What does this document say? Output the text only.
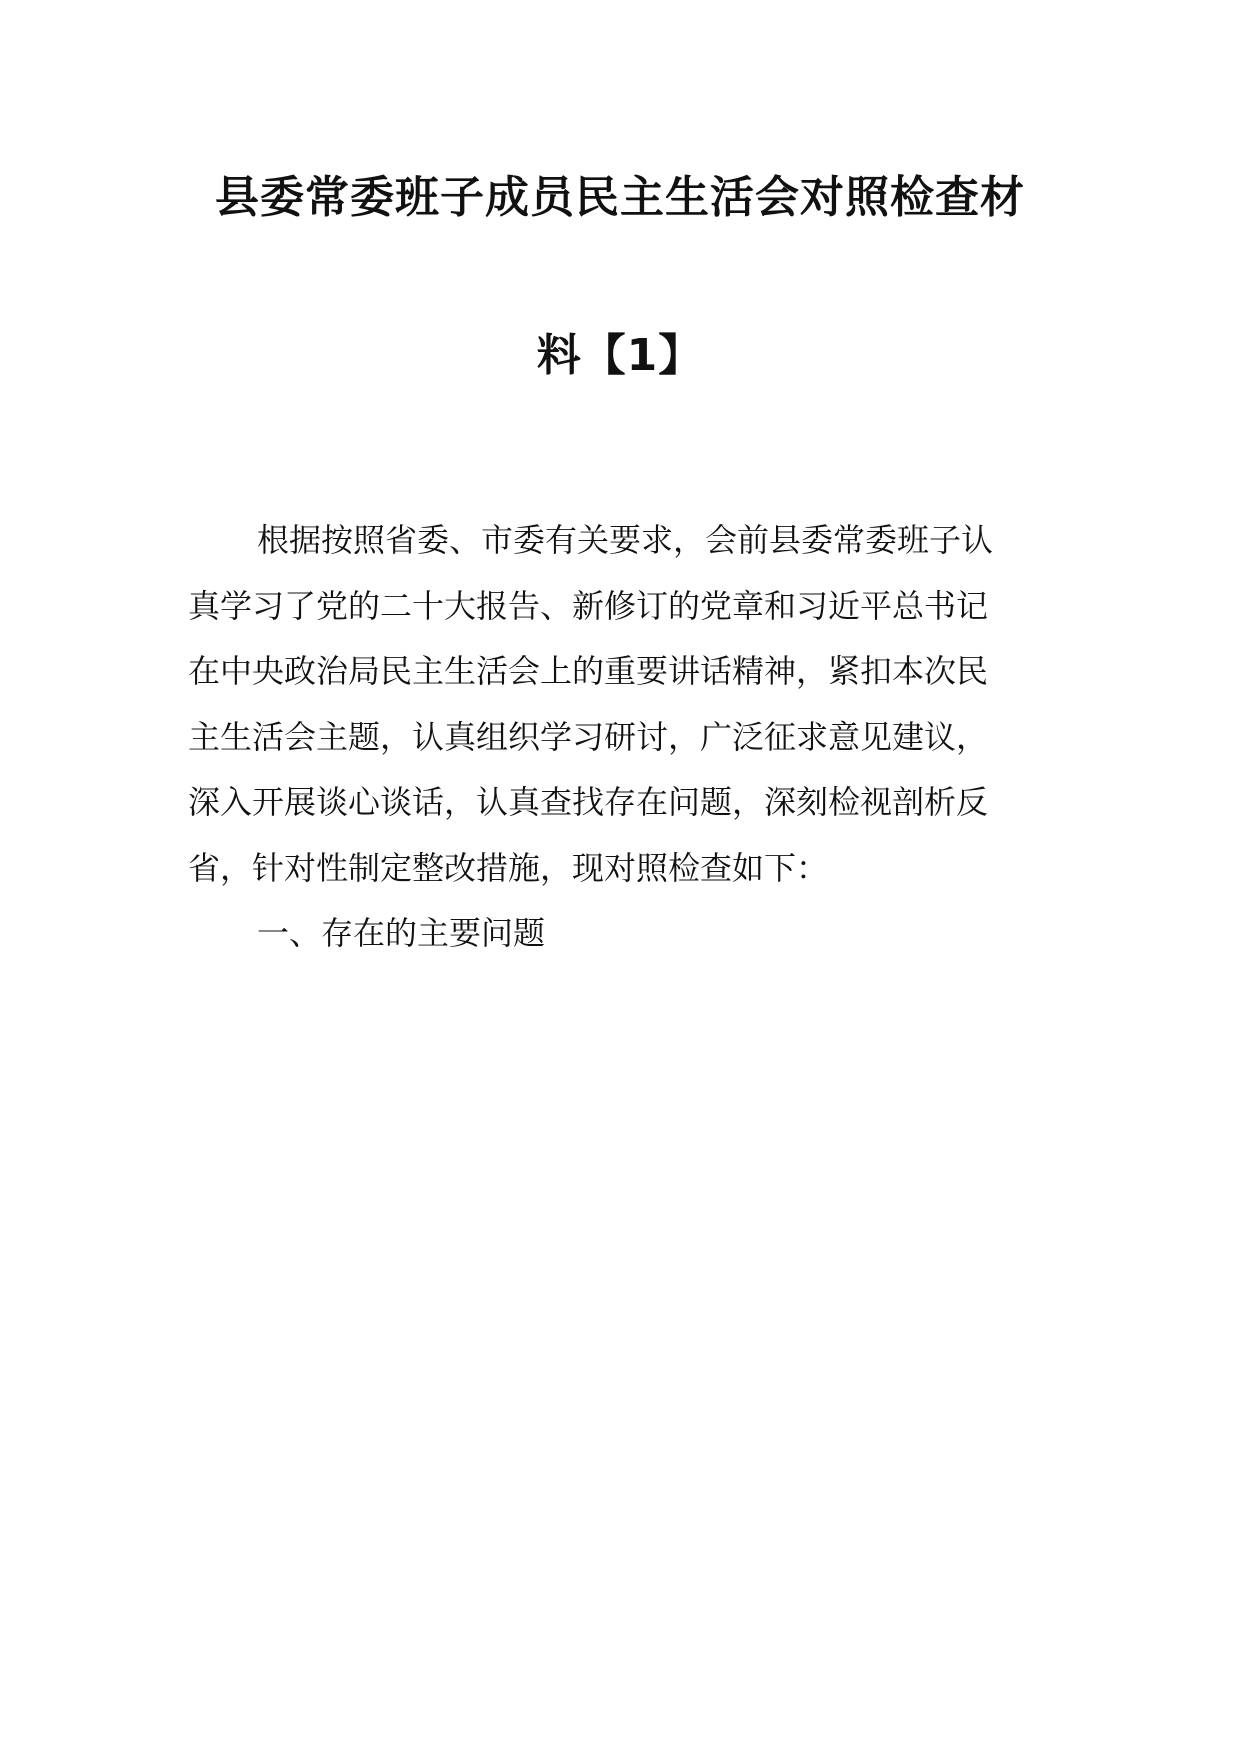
县委常委班子成员民主生活会对照检查材
料【1】
根据按照省委、市委有关要求，会前县委常委班子认
真学习了党的二十大报告、新修订的党章和习近平总书记
在中央政治局民主生活会上的重要讲话精神，紧扣本次民
主生活会主题，认真组织学习研讨，广泛征求意见建议，
深入开展谈心谈话，认真查找存在问题，深刻检视剖析反
省，针对性制定整改措施，现对照检查如下：
一、存在的主要问题
